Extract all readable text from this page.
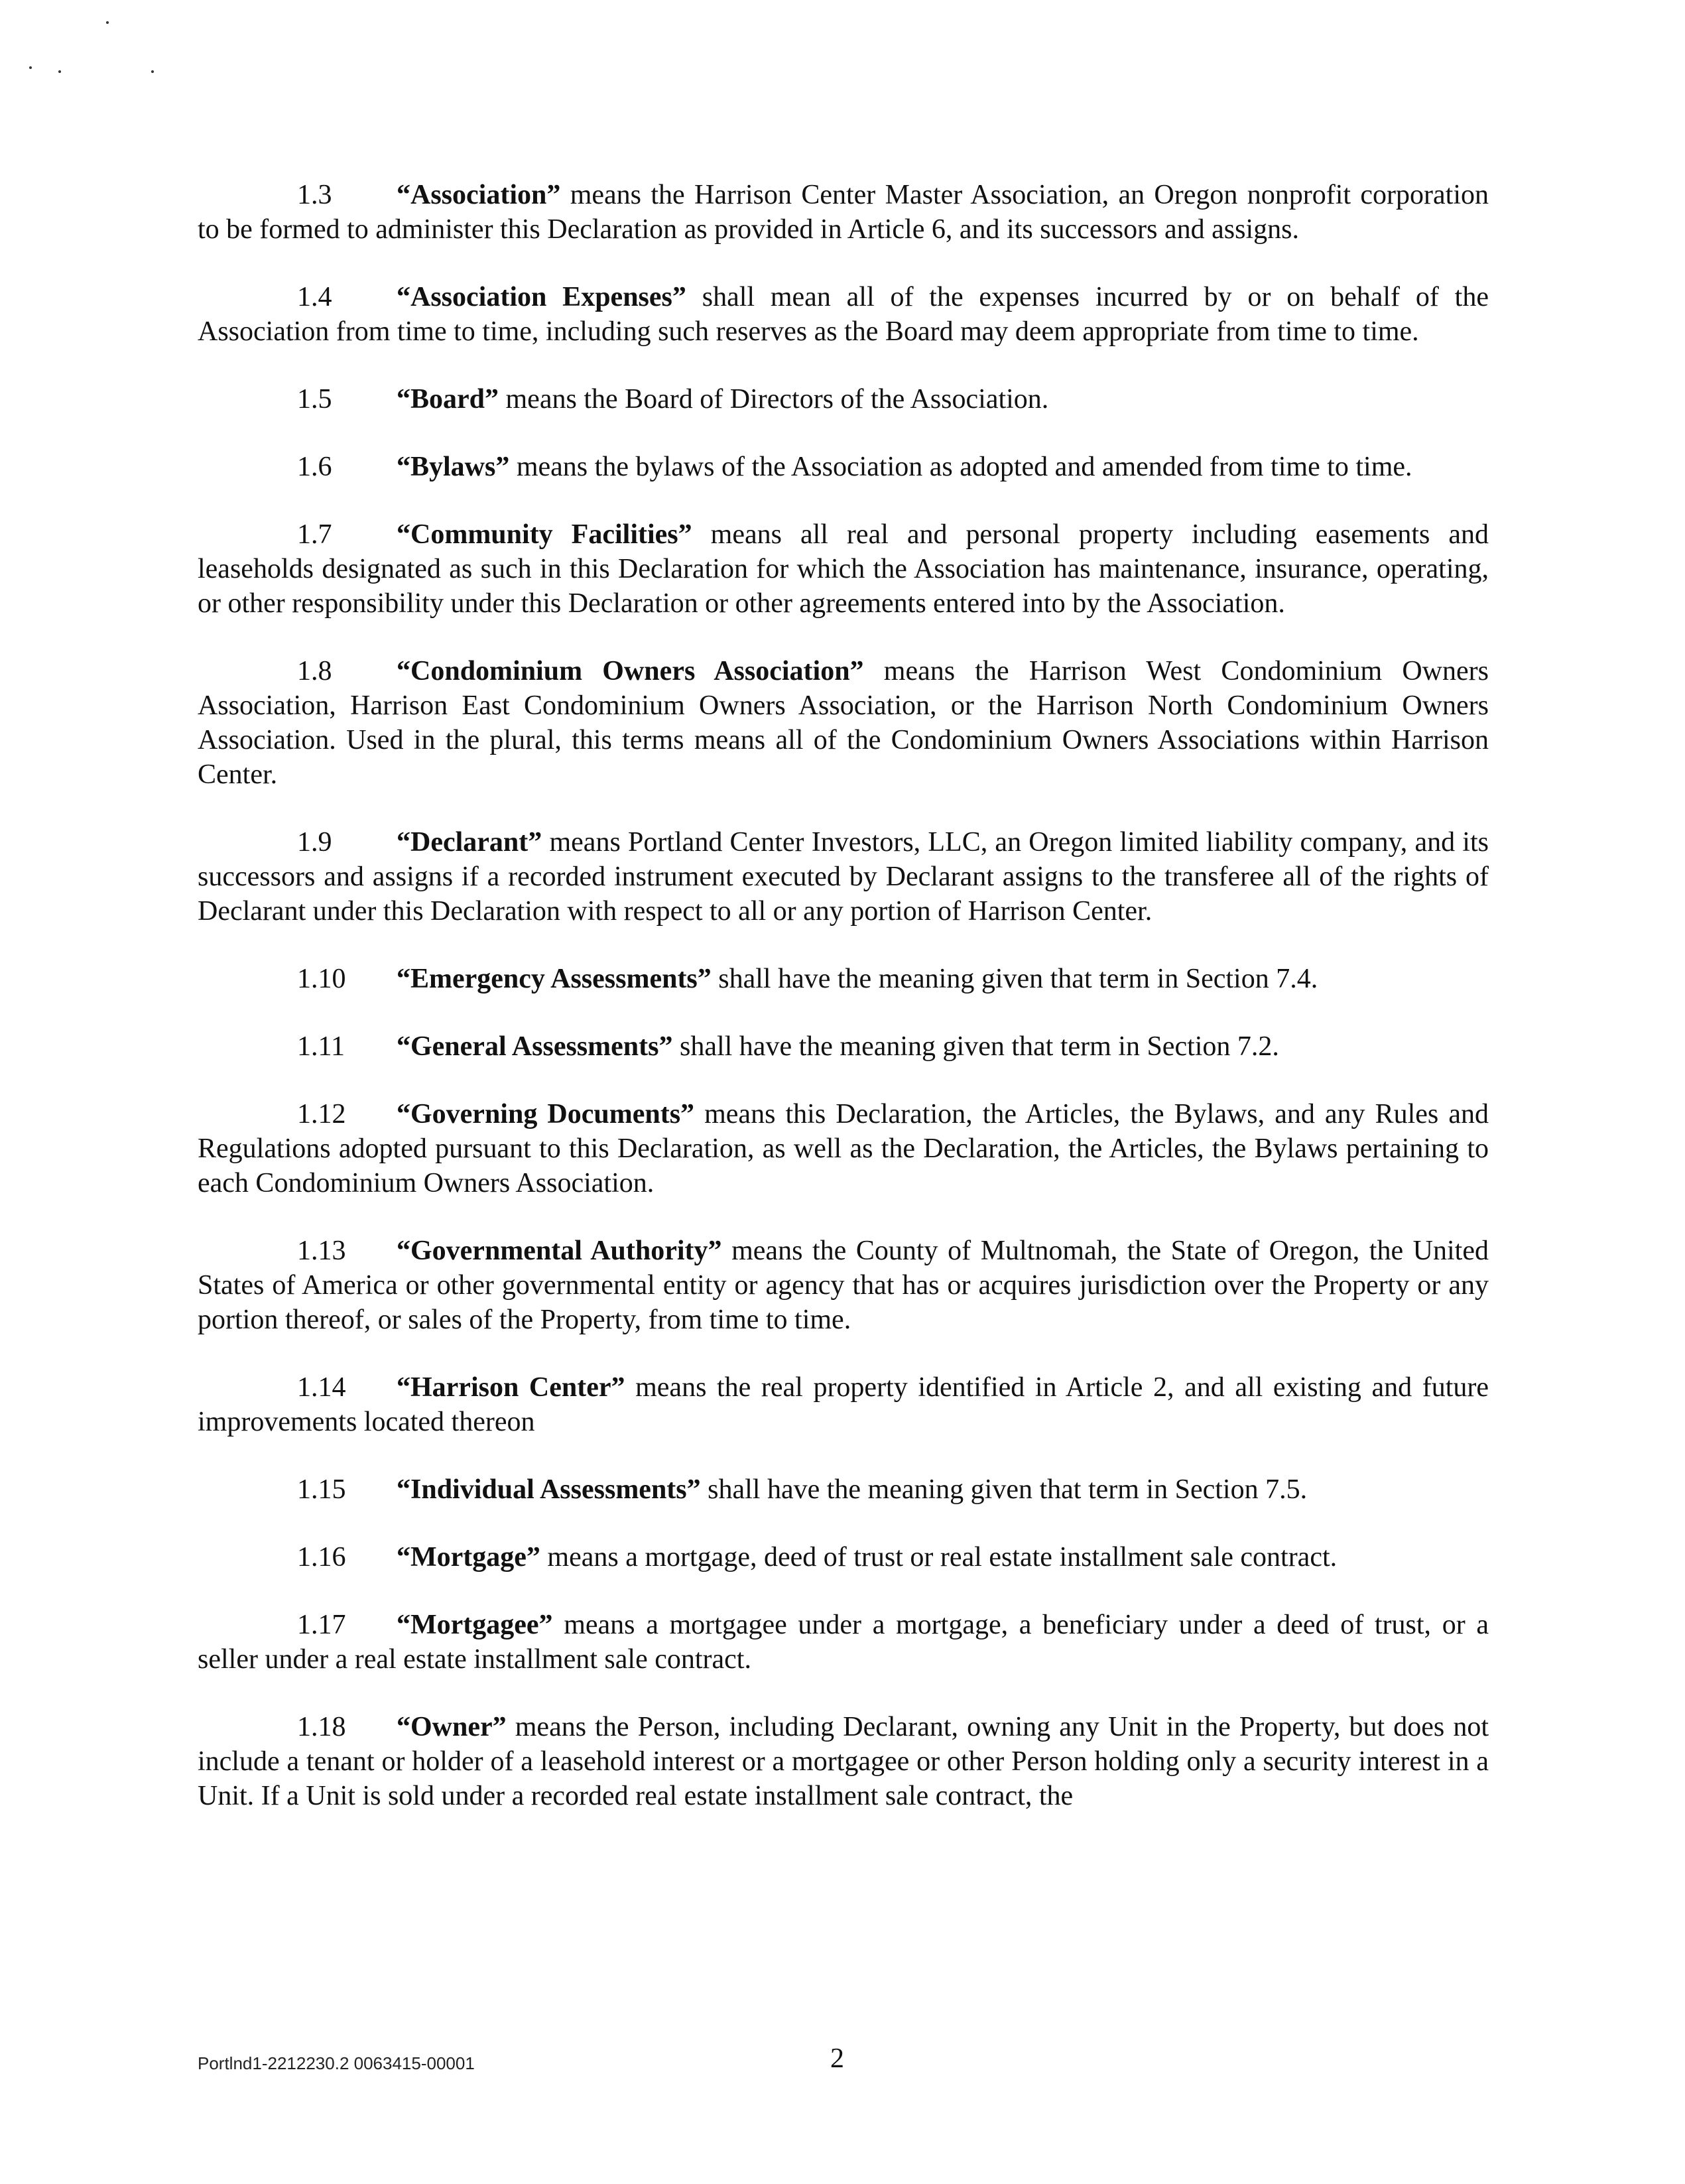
1.3 “Association” means the Harrison Center Master Association, an Oregon nonprofit corporation to be formed to administer this Declaration as provided in Article 6, and its successors and assigns.

1.4 “Association Expenses” shall mean all of the expenses incurred by or on behalf of the Association from time to time, including such reserves as the Board may deem appropriate from time to time.

1.5 “Board” means the Board of Directors of the Association.

1.6 “Bylaws” means the bylaws of the Association as adopted and amended from time to time.

1.7 “Community Facilities” means all real and personal property including easements and leaseholds designated as such in this Declaration for which the Association has maintenance, insurance, operating, or other responsibility under this Declaration or other agreements entered into by the Association.

1.8 “Condominium Owners Association” means the Harrison West Condominium Owners Association, Harrison East Condominium Owners Association, or the Harrison North Condominium Owners Association. Used in the plural, this terms means all of the Condominium Owners Associations within Harrison Center.

1.9 “Declarant” means Portland Center Investors, LLC, an Oregon limited liability company, and its successors and assigns if a recorded instrument executed by Declarant assigns to the transferee all of the rights of Declarant under this Declaration with respect to all or any portion of Harrison Center.

1.10 “Emergency Assessments” shall have the meaning given that term in Section 7.4.

1.11 “General Assessments” shall have the meaning given that term in Section 7.2.

1.12 “Governing Documents” means this Declaration, the Articles, the Bylaws, and any Rules and Regulations adopted pursuant to this Declaration, as well as the Declaration, the Articles, the Bylaws pertaining to each Condominium Owners Association.

1.13 “Governmental Authority” means the County of Multnomah, the State of Oregon, the United States of America or other governmental entity or agency that has or acquires jurisdiction over the Property or any portion thereof, or sales of the Property, from time to time.

1.14 “Harrison Center” means the real property identified in Article 2, and all existing and future improvements located thereon

1.15 “Individual Assessments” shall have the meaning given that term in Section 7.5.

1.16 “Mortgage” means a mortgage, deed of trust or real estate installment sale contract.

1.17 “Mortgagee” means a mortgagee under a mortgage, a beneficiary under a deed of trust, or a seller under a real estate installment sale contract.

1.18 “Owner” means the Person, including Declarant, owning any Unit in the Property, but does not include a tenant or holder of a leasehold interest or a mortgagee or other Person holding only a security interest in a Unit. If a Unit is sold under a recorded real estate installment sale contract, the

Portlnd1-2212230.2 0063415-00001	2
